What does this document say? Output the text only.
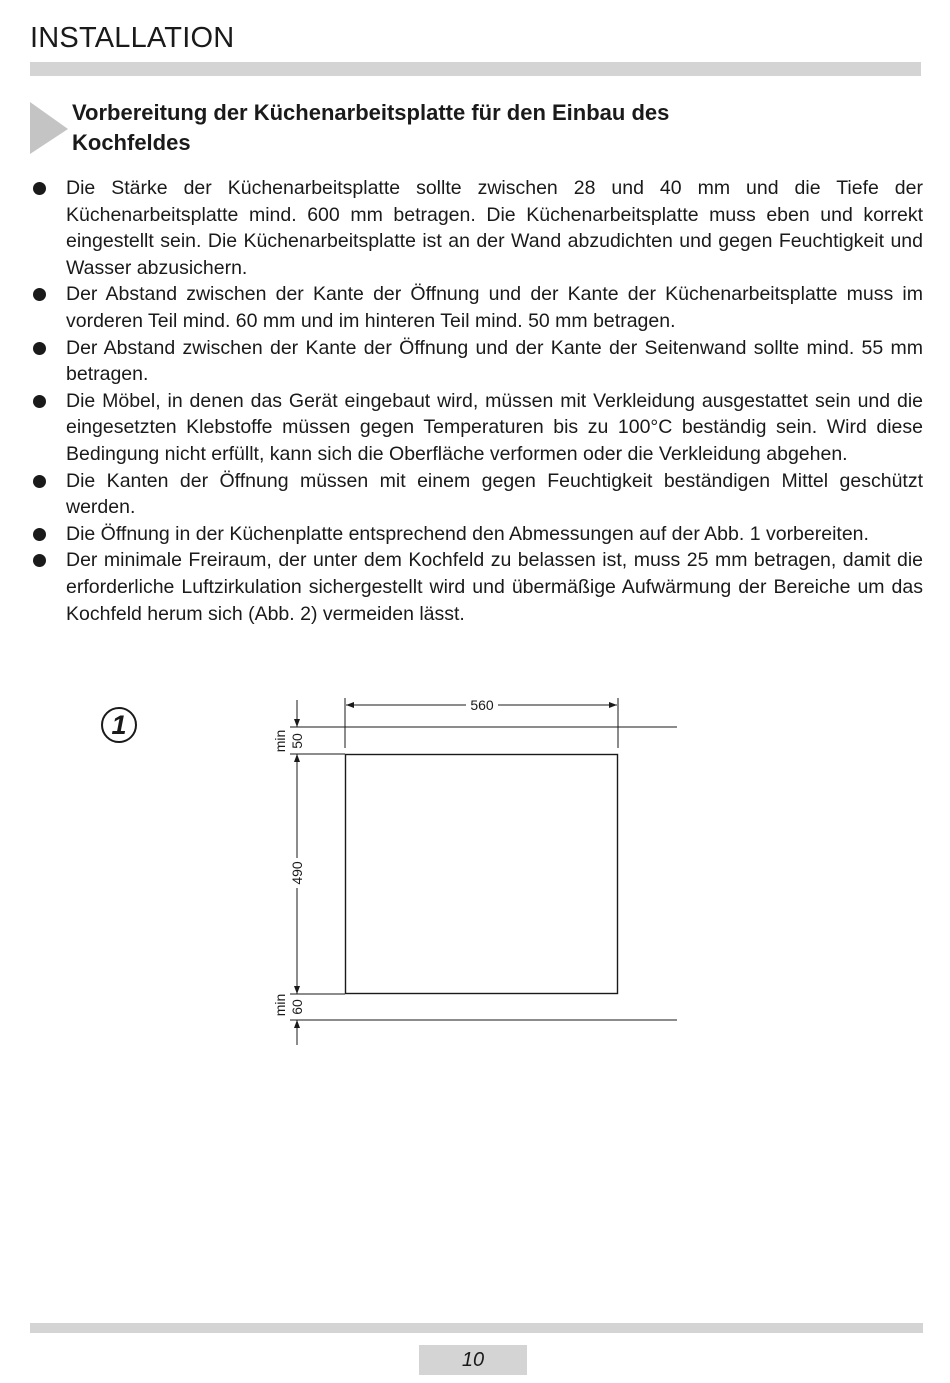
INSTALLATION
Vorbereitung der Küchenarbeitsplatte für den Einbau des Kochfeldes
Die Stärke der Küchenarbeitsplatte sollte zwischen 28 und 40 mm und die Tiefe der Küchenarbeitsplatte mind. 600 mm betragen. Die Küchenarbeitsplatte muss eben und korrekt eingestellt sein. Die Küchenarbeitsplatte ist an der Wand abzudichten und gegen Feuchtigkeit und Wasser abzusichern.
Der Abstand zwischen der Kante der Öffnung und der Kante der Küchenarbeitsplatte muss im vorderen Teil mind. 60 mm und im hinteren Teil mind. 50 mm betragen.
Der Abstand zwischen der Kante der Öffnung und der Kante der Seitenwand sollte mind. 55 mm betragen.
Die Möbel, in denen das Gerät eingebaut wird, müssen mit Verkleidung ausgestattet sein und die eingesetzten Klebstoffe müssen gegen Temperaturen bis zu 100°C beständig sein. Wird diese Bedingung nicht erfüllt, kann sich die Oberfläche verformen oder die Verkleidung abgehen.
Die Kanten der Öffnung müssen mit einem gegen Feuchtigkeit beständigen Mittel geschützt werden.
Die Öffnung in der Küchenplatte entsprechend den Abmessungen auf der Abb. 1 vorbereiten.
Der minimale Freiraum, der unter dem Kochfeld zu belassen ist, muss 25 mm betragen, damit die erforderliche Luftzirkulation sichergestellt wird und übermäßige Aufwärmung der Bereiche um das Kochfeld herum sich (Abb. 2) vermeiden lässt.
1
560
490
50
min
60
min
10
